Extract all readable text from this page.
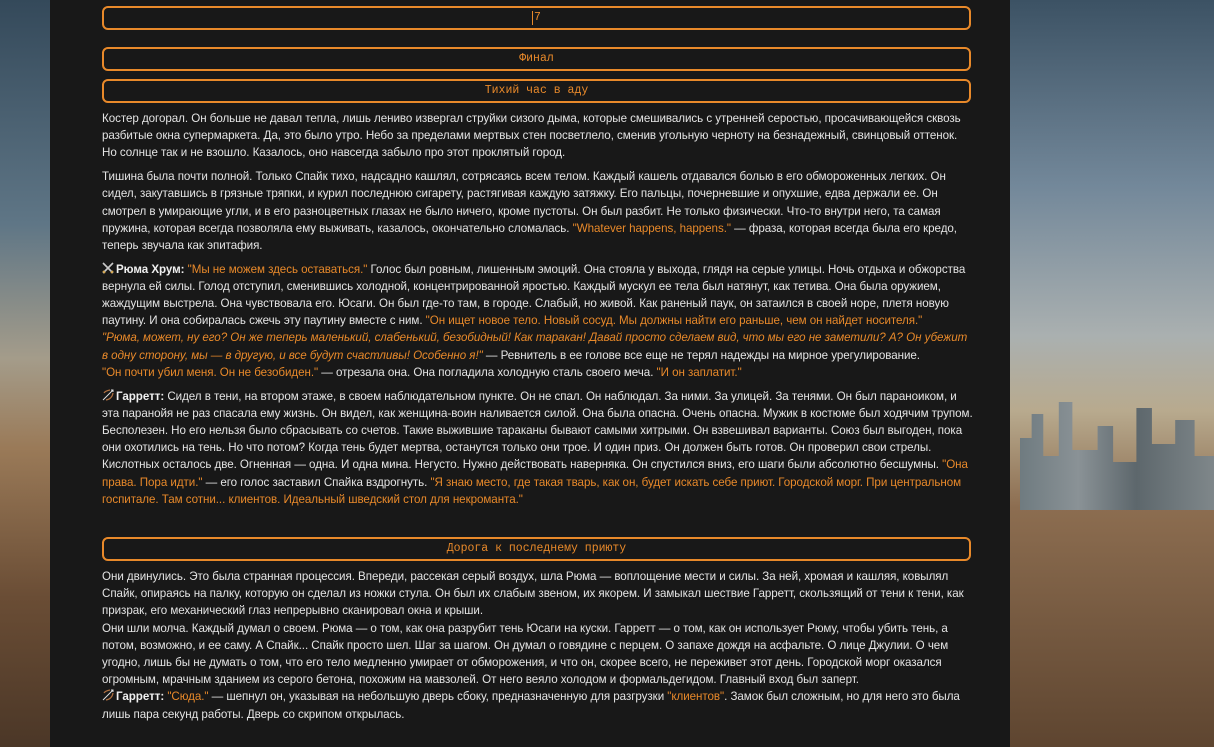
7
Финал
Тихий час в аду
Костер догорал. Он больше не давал тепла, лишь лениво извергал струйки сизого дыма, которые смешивались с утренней серостью, просачивающейся сквозь разбитые окна супермаркета. Да, это было утро. Небо за пределами мертвых стен посветлело, сменив угольную черноту на безнадежный, свинцовый оттенок. Но солнце так и не взошло. Казалось, оно навсегда забыло про этот проклятый город.
Тишина была почти полной. Только Спайк тихо, надсадно кашлял, сотрясаясь всем телом. Каждый кашель отдавался болью в его обмороженных легких. Он сидел, закутавшись в грязные тряпки, и курил последнюю сигарету, растягивая каждую затяжку. Его пальцы, почерневшие и опухшие, едва держали ее. Он смотрел в умирающие угли, и в его разноцветных глазах не было ничего, кроме пустоты. Он был разбит. Не только физически. Что-то внутри него, та самая пружина, которая всегда позволяла ему выживать, казалось, окончательно сломалась. "Whatever happens, happens." — фраза, которая всегда была его кредо, теперь звучала как эпитафия.
Рюма Хрум: "Мы не можем здесь оставаться." Голос был ровным, лишенным эмоций. Она стояла у выхода, глядя на серые улицы. Ночь отдыха и обжорства вернула ей силы. Голод отступил, сменившись холодной, концентрированной яростью. Каждый мускул ее тела был натянут, как тетива. Она была оружием, жаждущим выстрела. Она чувствовала его. Юсаги. Он был где-то там, в городе. Слабый, но живой. Как раненый паук, он затаился в своей норе, плетя новую паутину. И она собиралась сжечь эту паутину вместе с ним. "Он ищет новое тело. Новый сосуд. Мы должны найти его раньше, чем он найдет носителя."
"Рюма, может, ну его? Он же теперь маленький, слабенький, безобидный! Как таракан! Давай просто сделаем вид, что мы его не заметили? А? Он убежит в одну сторону, мы — в другую, и все будут счастливы! Особенно я!" — Ревнитель в ее голове все еще не терял надежды на мирное урегулирование.
"Он почти убил меня. Он не безобиден." — отрезала она. Она погладила холодную сталь своего меча. "И он заплатит."
Гарретт: Сидел в тени, на втором этаже, в своем наблюдательном пункте. Он не спал. Он наблюдал. За ними. За улицей. За тенями. Он был параноиком, и эта паранойя не раз спасала ему жизнь. Он видел, как женщина-воин наливается силой. Она была опасна. Очень опасна. Мужик в костюме был ходячим трупом. Бесполезен. Но его нельзя было сбрасывать со счетов. Такие выжившие тараканы бывают самыми хитрыми. Он взвешивал варианты. Союз был выгоден, пока они охотились на тень. Но что потом? Когда тень будет мертва, останутся только они трое. И один приз. Он должен быть готов. Он проверил свои стрелы. Кислотных осталось две. Огненная — одна. И одна мина. Негусто. Нужно действовать наверняка. Он спустился вниз, его шаги были абсолютно бесшумны. "Она права. Пора идти." — его голос заставил Спайка вздрогнуть. "Я знаю место, где такая тварь, как он, будет искать себе приют. Городской морг. При центральном госпитале. Там сотни... клиентов. Идеальный шведский стол для некроманта."
Дорога к последнему приюту
Они двинулись. Это была странная процессия. Впереди, рассекая серый воздух, шла Рюма — воплощение мести и силы. За ней, хромая и кашляя, ковылял Спайк, опираясь на палку, которую он сделал из ножки стула. Он был их слабым звеном, их якорем. И замыкал шествие Гарретт, скользящий от тени к тени, как призрак, его механический глаз непрерывно сканировал окна и крыши.
Они шли молча. Каждый думал о своем. Рюма — о том, как она разрубит тень Юсаги на куски. Гарретт — о том, как он использует Рюму, чтобы убить тень, а потом, возможно, и ее саму. А Спайк... Спайк просто шел. Шаг за шагом. Он думал о говядине с перцем. О запахе дождя на асфальте. О лице Джулии. О чем угодно, лишь бы не думать о том, что его тело медленно умирает от обморожения, и что он, скорее всего, не переживет этот день. Городской морг оказался огромным, мрачным зданием из серого бетона, похожим на мавзолей. От него веяло холодом и формальдегидом. Главный вход был заперт.
Гарретт: "Сюда." — шепнул он, указывая на небольшую дверь сбоку, предназначенную для разгрузки "клиентов". Замок был сложным, но для него это была лишь пара секунд работы. Дверь со скрипом открылась.
